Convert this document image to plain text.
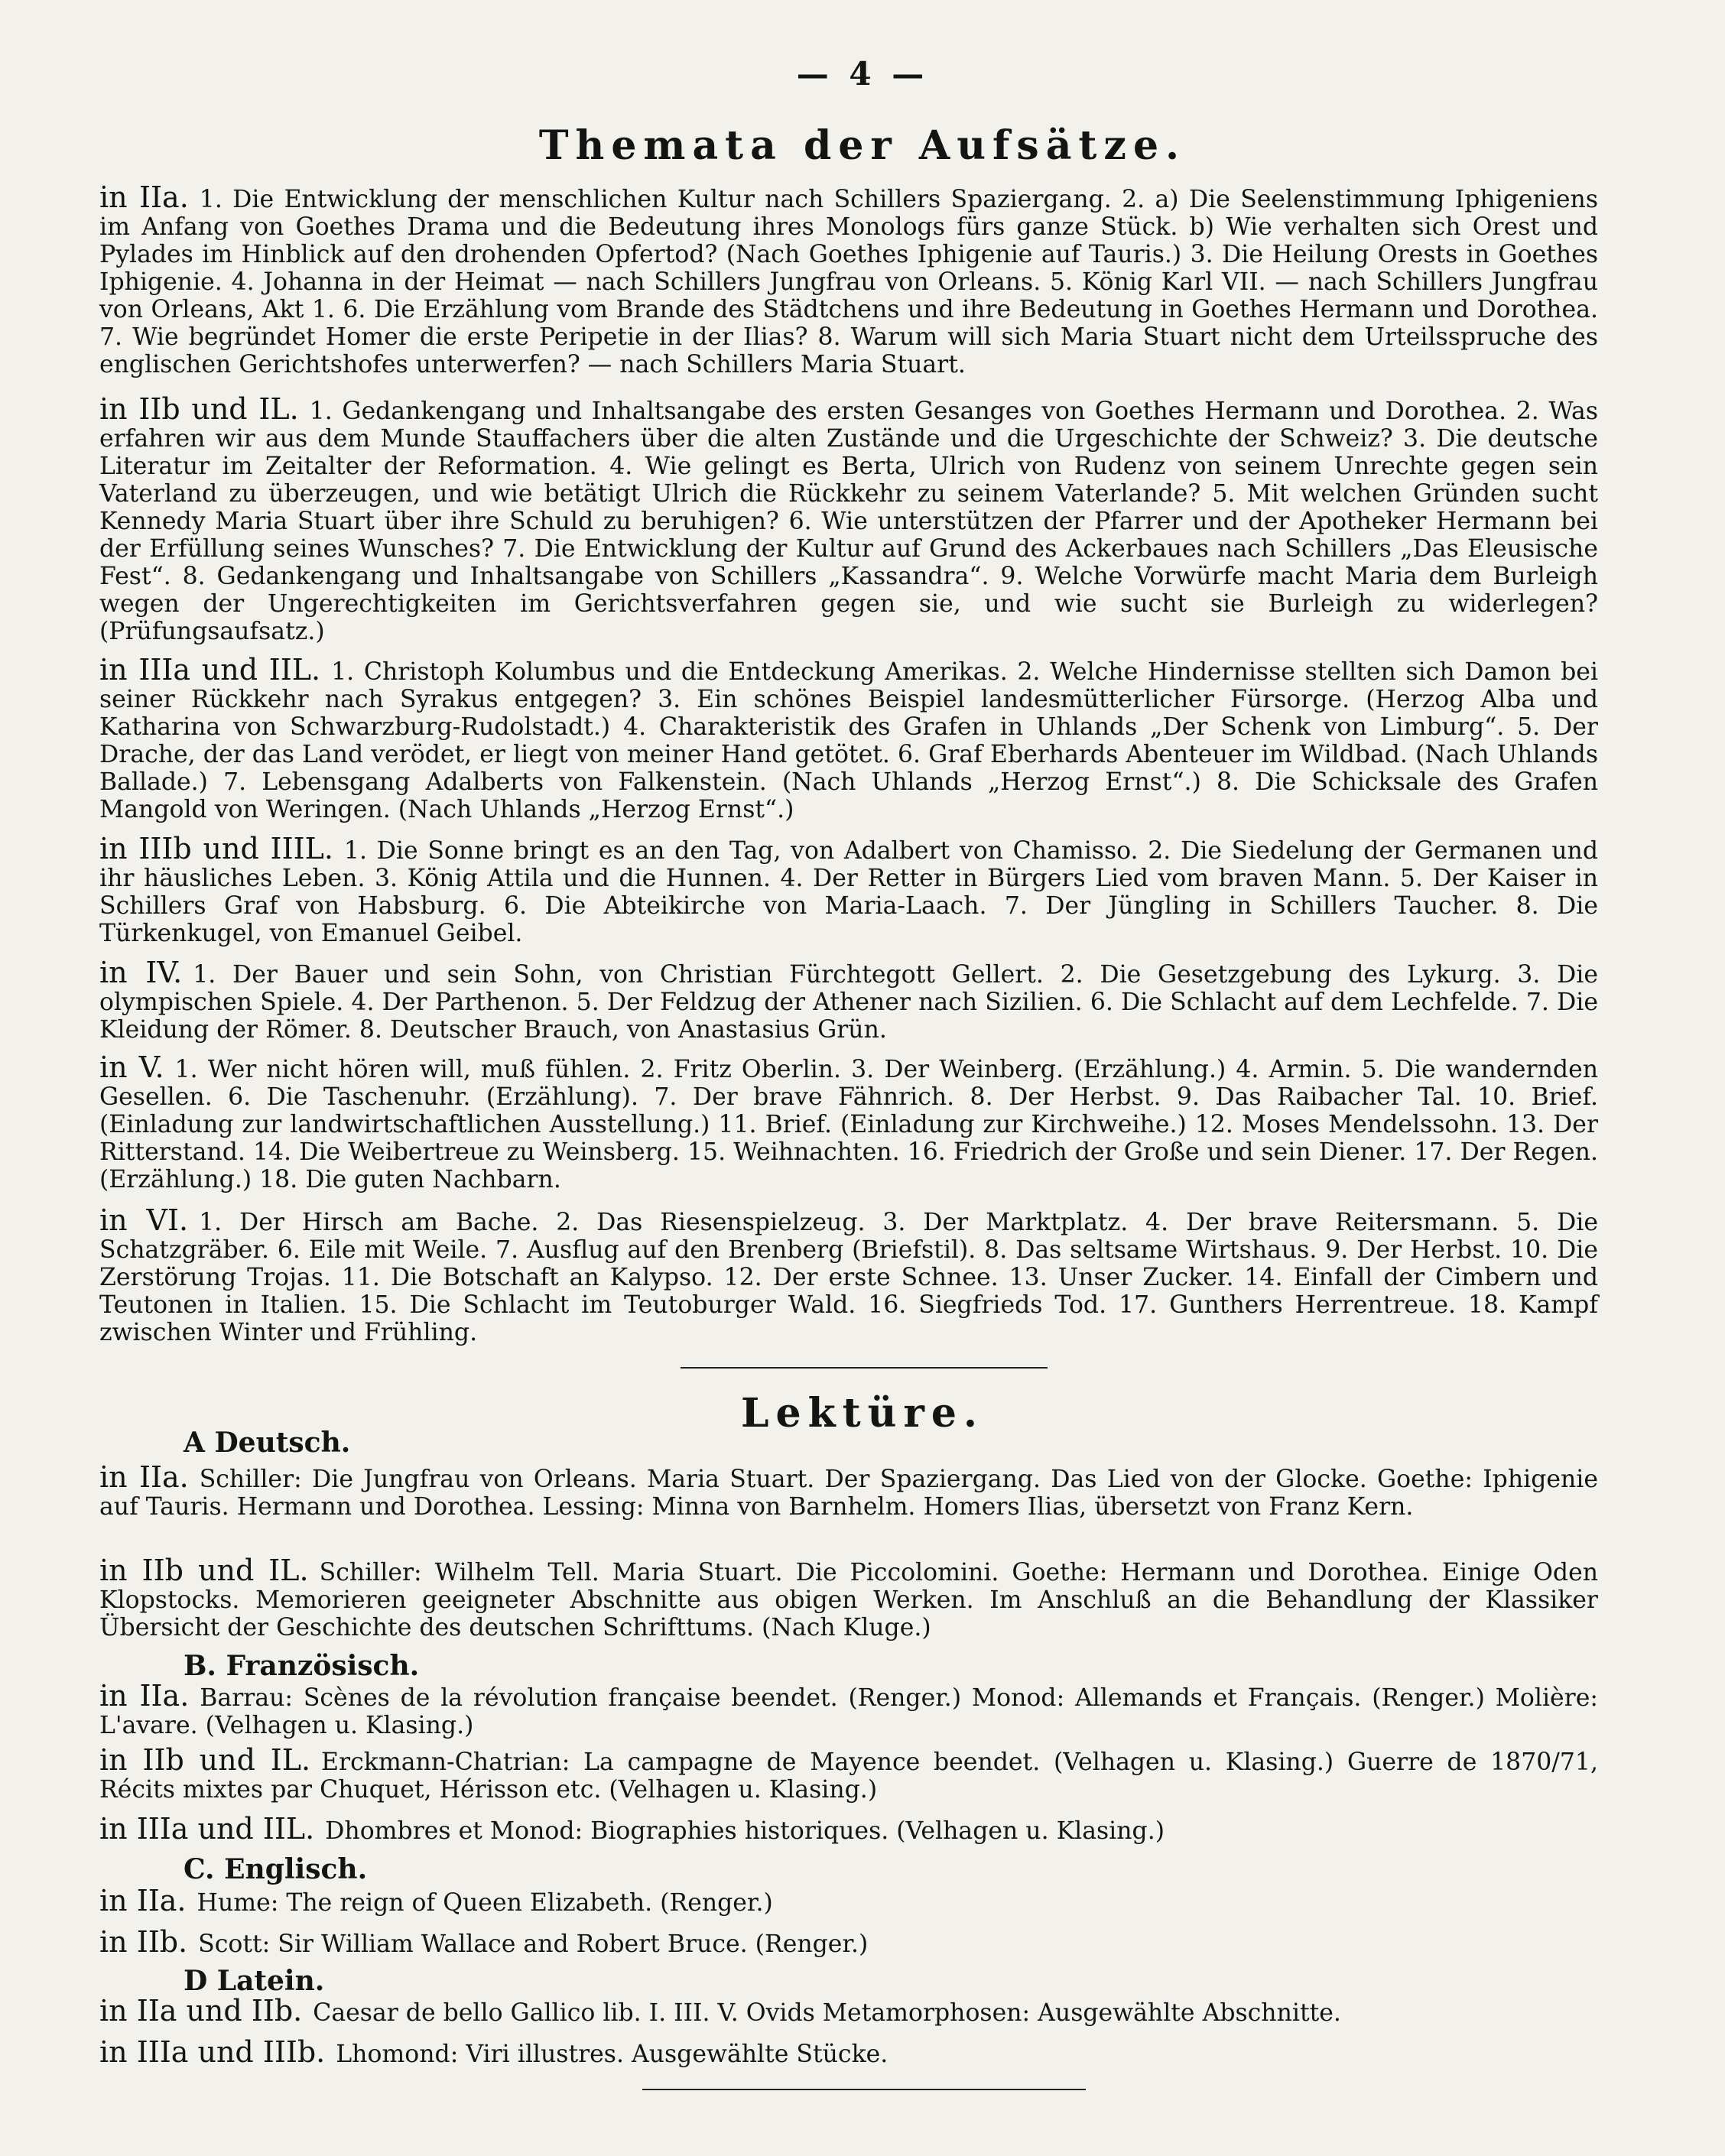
— 4 —
Themata der Aufsätze.

in IIa. 1. Die Entwicklung der menschlichen Kultur nach Schillers Spaziergang. 2. a) Die Seelenstimmung Iphigeniens im Anfang von Goethes Drama und die Bedeutung ihres Monologs fürs ganze Stück. b) Wie verhalten sich Orest und Pylades im Hinblick auf den drohenden Opfertod? (Nach Goethes Iphigenie auf Tauris.) 3. Die Heilung Orests in Goethes Iphigenie. 4. Johanna in der Heimat — nach Schillers Jungfrau von Orleans. 5. König Karl VII. — nach Schillers Jungfrau von Orleans, Akt 1. 6. Die Erzählung vom Brande des Städtchens und ihre Bedeutung in Goethes Hermann und Dorothea. 7. Wie begründet Homer die erste Peripetie in der Ilias? 8. Warum will sich Maria Stuart nicht dem Urteilsspruche des englischen Gerichtshofes unterwerfen? — nach Schillers Maria Stuart.

in IIb und IL. 1. Gedankengang und Inhaltsangabe des ersten Gesanges von Goethes Hermann und Dorothea. 2. Was erfahren wir aus dem Munde Stauffachers über die alten Zustände und die Urgeschichte der Schweiz? 3. Die deutsche Literatur im Zeitalter der Reformation. 4. Wie gelingt es Berta, Ulrich von Rudenz von seinem Unrechte gegen sein Vaterland zu überzeugen, und wie betätigt Ulrich die Rückkehr zu seinem Vaterlande? 5. Mit welchen Gründen sucht Kennedy Maria Stuart über ihre Schuld zu beruhigen? 6. Wie unterstützen der Pfarrer und der Apotheker Hermann bei der Erfüllung seines Wunsches? 7. Die Entwicklung der Kultur auf Grund des Ackerbaues nach Schillers „Das Eleusische Fest“. 8. Gedankengang und Inhaltsangabe von Schillers „Kassandra“. 9. Welche Vorwürfe macht Maria dem Burleigh wegen der Ungerechtigkeiten im Gerichtsverfahren gegen sie, und wie sucht sie Burleigh zu widerlegen? (Prüfungsaufsatz.)

in IIIa und IIL. 1. Christoph Kolumbus und die Entdeckung Amerikas. 2. Welche Hindernisse stellten sich Damon bei seiner Rückkehr nach Syrakus entgegen? 3. Ein schönes Beispiel landesmütterlicher Fürsorge. (Herzog Alba und Katharina von Schwarzburg-Rudolstadt.) 4. Charakteristik des Grafen in Uhlands „Der Schenk von Limburg“. 5. Der Drache, der das Land verödet, er liegt von meiner Hand getötet. 6. Graf Eberhards Abenteuer im Wildbad. (Nach Uhlands Ballade.) 7. Lebensgang Adalberts von Falkenstein. (Nach Uhlands „Herzog Ernst“.) 8. Die Schicksale des Grafen Mangold von Weringen. (Nach Uhlands „Herzog Ernst“.)

in IIIb und IIIL. 1. Die Sonne bringt es an den Tag, von Adalbert von Chamisso. 2. Die Siedelung der Germanen und ihr häusliches Leben. 3. König Attila und die Hunnen. 4. Der Retter in Bürgers Lied vom braven Mann. 5. Der Kaiser in Schillers Graf von Habsburg. 6. Die Abteikirche von Maria-Laach. 7. Der Jüngling in Schillers Taucher. 8. Die Türkenkugel, von Emanuel Geibel.

in IV. 1. Der Bauer und sein Sohn, von Christian Fürchtegott Gellert. 2. Die Gesetzgebung des Lykurg. 3. Die olympischen Spiele. 4. Der Parthenon. 5. Der Feldzug der Athener nach Sizilien. 6. Die Schlacht auf dem Lechfelde. 7. Die Kleidung der Römer. 8. Deutscher Brauch, von Anastasius Grün.

in V. 1. Wer nicht hören will, muß fühlen. 2. Fritz Oberlin. 3. Der Weinberg. (Erzählung.) 4. Armin. 5. Die wandernden Gesellen. 6. Die Taschenuhr. (Erzählung). 7. Der brave Fähnrich. 8. Der Herbst. 9. Das Raibacher Tal. 10. Brief. (Einladung zur landwirtschaftlichen Ausstellung.) 11. Brief. (Einladung zur Kirchweihe.) 12. Moses Mendelssohn. 13. Der Ritterstand. 14. Die Weibertreue zu Weinsberg. 15. Weihnachten. 16. Friedrich der Große und sein Diener. 17. Der Regen. (Erzählung.) 18. Die guten Nachbarn.

in VI. 1. Der Hirsch am Bache. 2. Das Riesenspielzeug. 3. Der Marktplatz. 4. Der brave Reitersmann. 5. Die Schatzgräber. 6. Eile mit Weile. 7. Ausflug auf den Brenberg (Briefstil). 8. Das seltsame Wirtshaus. 9. Der Herbst. 10. Die Zerstörung Trojas. 11. Die Botschaft an Kalypso. 12. Der erste Schnee. 13. Unser Zucker. 14. Einfall der Cimbern und Teutonen in Italien. 15. Die Schlacht im Teutoburger Wald. 16. Siegfrieds Tod. 17. Gunthers Herrentreue. 18. Kampf zwischen Winter und Frühling.

Lektüre.
A Deutsch.

in IIa. Schiller: Die Jungfrau von Orleans. Maria Stuart. Der Spaziergang. Das Lied von der Glocke. Goethe: Iphigenie auf Tauris. Hermann und Dorothea. Lessing: Minna von Barnhelm. Homers Ilias, übersetzt von Franz Kern.

in IIb und IL. Schiller: Wilhelm Tell. Maria Stuart. Die Piccolomini. Goethe: Hermann und Dorothea. Einige Oden Klopstocks. Memorieren geeigneter Abschnitte aus obigen Werken. Im Anschluß an die Behandlung der Klassiker Übersicht der Geschichte des deutschen Schrifttums. (Nach Kluge.)

B. Französisch.

in IIa. Barrau: Scènes de la révolution française beendet. (Renger.) Monod: Allemands et Français. (Renger.) Molière: L'avare. (Velhagen u. Klasing.)

in IIb und IL. Erckmann-Chatrian: La campagne de Mayence beendet. (Velhagen u. Klasing.) Guerre de 1870/71, Récits mixtes par Chuquet, Hérisson etc. (Velhagen u. Klasing.)

in IIIa und IIL. Dhombres et Monod: Biographies historiques. (Velhagen u. Klasing.)

C. Englisch.

in IIa. Hume: The reign of Queen Elizabeth. (Renger.)

in IIb. Scott: Sir William Wallace and Robert Bruce. (Renger.)

D Latein.

in IIa und IIb. Caesar de bello Gallico lib. I. III. V. Ovids Metamorphosen: Ausgewählte Abschnitte.

in IIIa und IIIb. Lhomond: Viri illustres. Ausgewählte Stücke.
